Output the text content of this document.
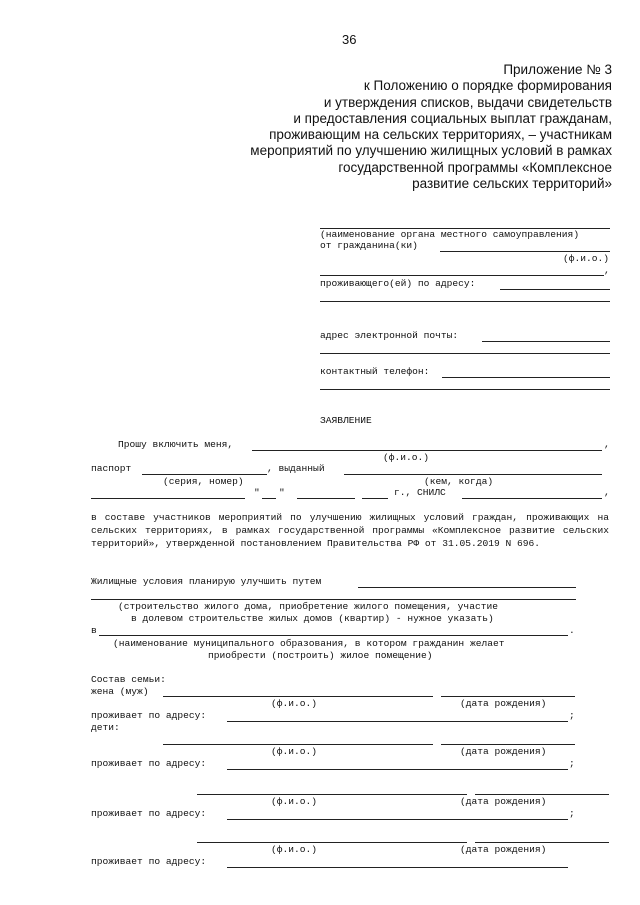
36
Приложение № 3
к Положению о порядке формирования
и утверждения списков, выдачи свидетельств
и предоставления социальных выплат гражданам,
проживающим на сельских территориях, – участникам
мероприятий по улучшению жилищных условий в рамках
государственной программы «Комплексное
развитие сельских территорий»
(наименование органа местного самоуправления)
от гражданина(ки)
(ф.и.о.)
,
проживающего(ей) по адресу:
адрес электронной почты:
контактный телефон:
ЗАЯВЛЕНИЕ
Прошу включить меня,	,
(ф.и.о.)
паспорт	, выданный
(серия, номер)	(кем, когда)
" "	г., СНИЛС	,
в составе участников мероприятий по улучшению жилищных условий граждан, проживающих на сельских территориях, в рамках государственной программы «Комплексное развитие сельских территорий», утвержденной постановлением Правительства РФ от 31.05.2019 N 696.
Жилищные условия планирую улучшить путем
(строительство жилого дома, приобретение жилого помещения, участие
в долевом строительстве жилых домов (квартир) - нужное указать)
в	.
(наименование муниципального образования, в котором гражданин желает
приобрести (построить) жилое помещение)
Состав семьи:
жена (муж)
(ф.и.о.)	(дата рождения)
проживает по адресу:	;
дети:
(ф.и.о.)	(дата рождения)
проживает по адресу:	;
(ф.и.о.)	(дата рождения)
проживает по адресу:	;
(ф.и.о.)	(дата рождения)
проживает по адресу:
